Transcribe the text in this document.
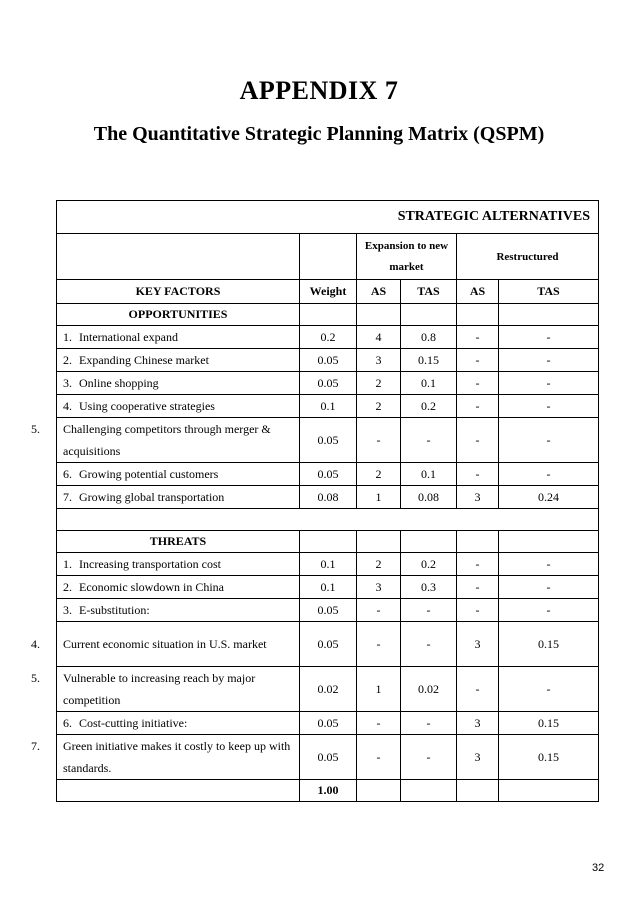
APPENDIX 7
The Quantitative Strategic Planning Matrix (QSPM)
STRATEGIC ALTERNATIVES					
		Expansion to new market		Restructured	
KEY FACTORS	Weight	AS	TAS	AS	TAS
OPPORTUNITIES					
1. International expand	0.2	4	0.8	-	-
2. Expanding Chinese market	0.05	3	0.15	-	-
3. Online shopping	0.05	2	0.1	-	-
4. Using cooperative strategies	0.1	2	0.2	-	-
5. Challenging competitors through merger & acquisitions	0.05	-	-	-	-
6. Growing potential customers	0.05	2	0.1	-	-
7. Growing global transportation	0.08	1	0.08	3	0.24

THREATS					
1. Increasing transportation cost	0.1	2	0.2	-	-
2. Economic slowdown in China	0.1	3	0.3	-	-
3. E-substitution:	0.05	-	-	-	-
4. Current economic situation in U.S. market	0.05	-	-	3	0.15
5. Vulnerable to increasing reach by major competition	0.02	1	0.02	-	-
6. Cost-cutting initiative:	0.05	-	-	3	0.15
7. Green initiative makes it costly to keep up with standards.	0.05	-	-	3	0.15
	1.00				
32
